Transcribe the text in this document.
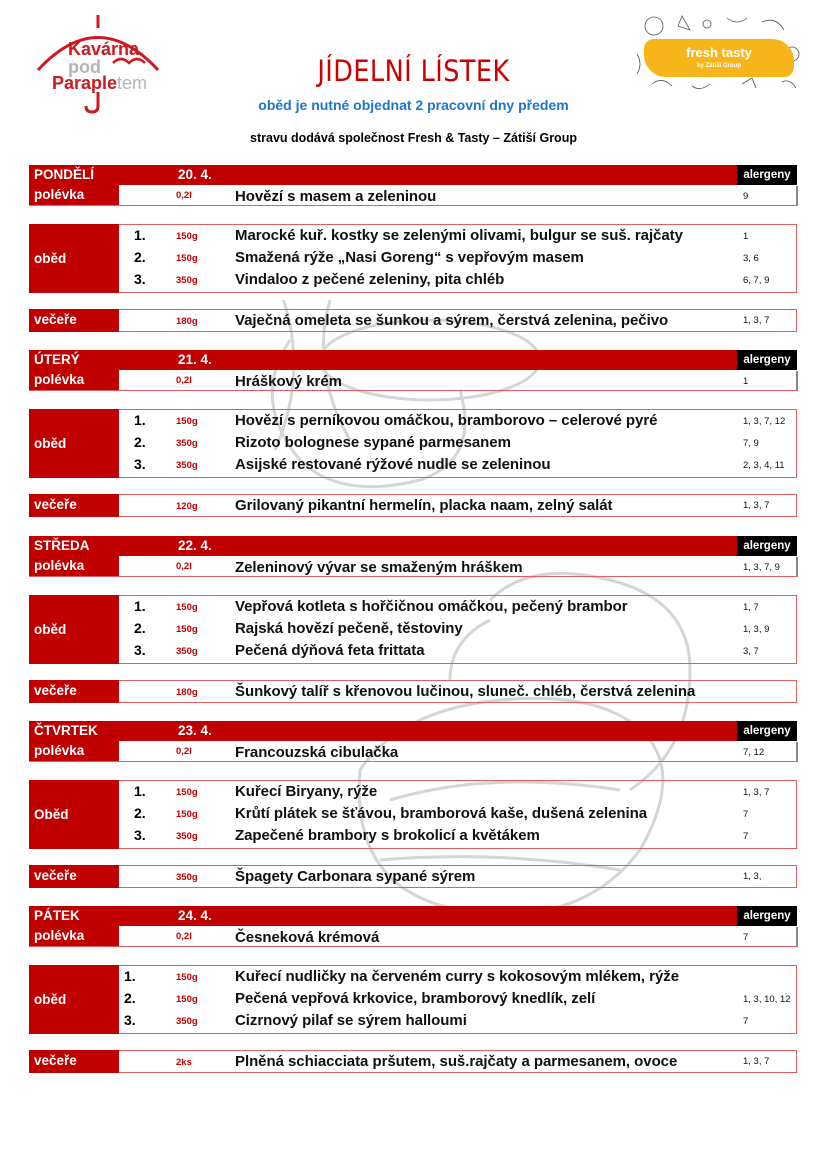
Kavárna
pod
Parapletem
fresh tasty
by Zátiší Group
JÍDELNÍ LÍSTEK
oběd je nutné objednat 2 pracovní dny předem
stravu dodává společnost Fresh & Tasty – Zátiší Group
PONDĚLÍ	20. 4.	alergeny
polévka	0,2l	Hovězí s masem a zeleninou	9
oběd
1.	150g Marocké kuř. kostky se zelenými olivami, bulgur se suš. rajčaty	1
2.	150g Smažená rýže „Nasi Goreng“ s vepřovým masem	3, 6
3.	350g Vindaloo z pečené zeleniny, pita chléb	6, 7, 9
večeře	180g Vaječná omeleta se šunkou a sýrem, čerstvá zelenina, pečivo	1, 3, 7
ÚTERÝ	21. 4.	alergeny
polévka	0,2l	Hráškový krém	1
oběd
1.	150g Hovězí s perníkovou omáčkou, bramborovo – celerové pyré	1, 3, 7, 12
2.	350g Rizoto bolognese sypané parmesanem	7, 9
3.	350g Asijské restované rýžové nudle se zeleninou	2, 3, 4, 11
večeře	120g Grilovaný pikantní hermelín, placka naam, zelný salát	1, 3, 7
STŘEDA	22. 4.	alergeny
polévka	0,2l	Zeleninový vývar se smaženým hráškem	1, 3, 7, 9
oběd
1.	150g Vepřová kotleta s hořčičnou omáčkou, pečený brambor	1, 7
2.	150g Rajská hovězí pečeně, těstoviny	1, 3, 9
3.	350g Pečená dýňová feta frittata	3, 7
večeře	180g Šunkový talíř s křenovou lučinou, sluneč. chléb, čerstvá zelenina
ČTVRTEK	23. 4.	alergeny
polévka	0,2l	Francouzská cibulačka	7, 12
Oběd
1.	150g Kuřecí Biryany, rýže	1, 3, 7
2.	150g Krůtí plátek se šťávou, bramborová kaše, dušená zelenina	7
3.	350g Zapečené brambory s brokolicí a květákem	7
večeře	350g Špagety Carbonara sypané sýrem	1, 3,
PÁTEK	24. 4.	alergeny
polévka	0,2l	Česneková krémová	7
oběd
1.	150g Kuřecí nudličky na červeném curry s kokosovým mlékem, rýže
2.	150g Pečená vepřová krkovice, bramborový knedlík, zelí	1, 3, 10, 12
3.	350g Cizrnový pilaf se sýrem halloumi	7
večeře	2ks	Plněná schiacciata pršutem, suš.rajčaty a parmesanem, ovoce	1, 3, 7
